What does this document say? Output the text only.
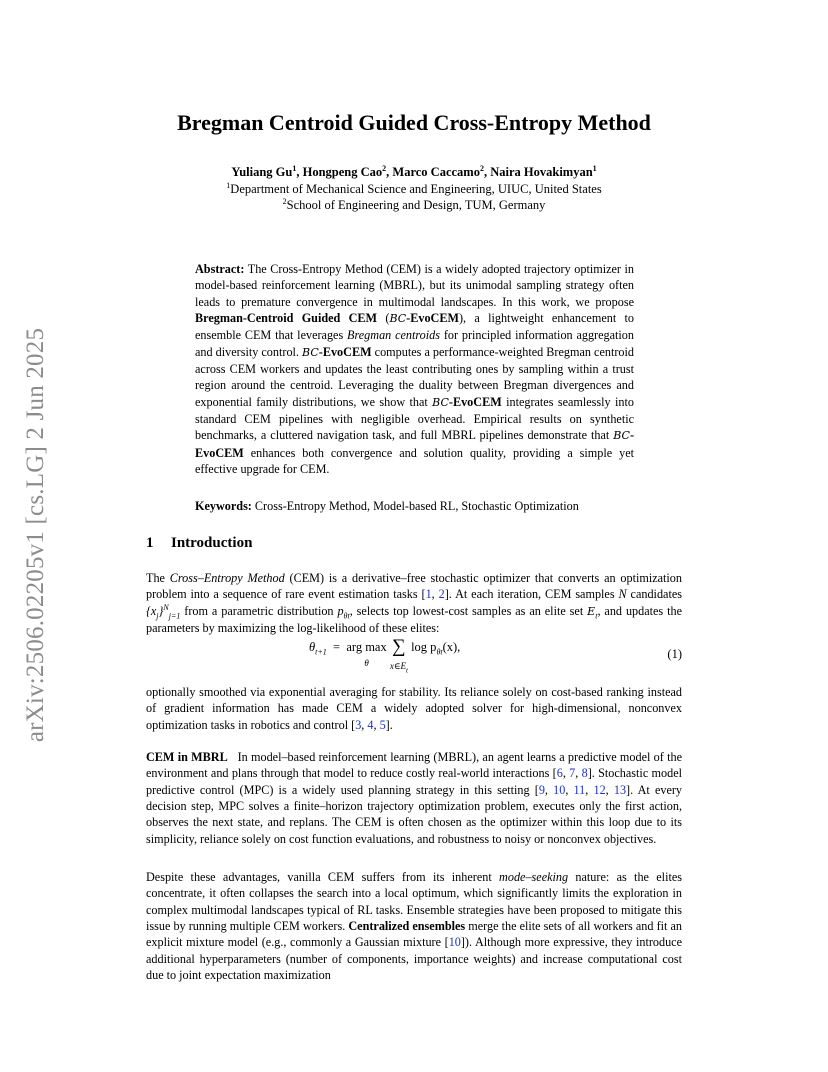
arXiv:2506.02205v1 [cs.LG] 2 Jun 2025
Bregman Centroid Guided Cross-Entropy Method
Yuliang Gu$^1$, Hongpeng Cao$^2$, Marco Caccamo$^2$, Naira Hovakimyan$^1$
$^1$Department of Mechanical Science and Engineering, UIUC, United States
$^2$School of Engineering and Design, TUM, Germany
Abstract: The Cross-Entropy Method (CEM) is a widely adopted trajectory optimizer in model-based reinforcement learning (MBRL), but its unimodal sampling strategy often leads to premature convergence in multimodal landscapes. In this work, we propose Bregman-Centroid Guided CEM (BC-EvoCEM), a lightweight enhancement to ensemble CEM that leverages Bregman centroids for principled information aggregation and diversity control. BC-EvoCEM computes a performance-weighted Bregman centroid across CEM workers and updates the least contributing ones by sampling within a trust region around the centroid. Leveraging the duality between Bregman divergences and exponential family distributions, we show that BC-EvoCEM integrates seamlessly into standard CEM pipelines with negligible overhead. Empirical results on synthetic benchmarks, a cluttered navigation task, and full MBRL pipelines demonstrate that BC-EvoCEM enhances both convergence and solution quality, providing a simple yet effective upgrade for CEM.
Keywords: Cross-Entropy Method, Model-based RL, Stochastic Optimization
1 Introduction
The Cross–Entropy Method (CEM) is a derivative–free stochastic optimizer that converts an optimization problem into a sequence of rare event estimation tasks [1, 2]. At each iteration, CEM samples N candidates $\{x_j\}^N_{j=1}$ from a parametric distribution $p_{\theta t}$, selects top lowest-cost samples as an elite set $E_t$, and updates the parameters by maximizing the log-likelihood of these elites:
$\theta_{t+1}$ = arg max
θ ∑
$x\in E_t$ $\log p_{\theta t}(x)$,	(1)
optionally smoothed via exponential averaging for stability. Its reliance solely on cost-based ranking instead of gradient information has made CEM a widely adopted solver for high-dimensional, nonconvex optimization tasks in robotics and control [3, 4, 5].
CEM in MBRL   In model–based reinforcement learning (MBRL), an agent learns a predictive model of the environment and plans through that model to reduce costly real-world interactions [6, 7, 8]. Stochastic model predictive control (MPC) is a widely used planning strategy in this setting [9, 10, 11, 12, 13]. At every decision step, MPC solves a finite–horizon trajectory optimization problem, executes only the first action, observes the next state, and replans. The CEM is often chosen as the optimizer within this loop due to its simplicity, reliance solely on cost function evaluations, and robustness to noisy or nonconvex objectives.
Despite these advantages, vanilla CEM suffers from its inherent mode–seeking nature: as the elites concentrate, it often collapses the search into a local optimum, which significantly limits the exploration in complex multimodal landscapes typical of RL tasks. Ensemble strategies have been proposed to mitigate this issue by running multiple CEM workers. Centralized ensembles merge the elite sets of all workers and fit an explicit mixture model (e.g., commonly a Gaussian mixture [10]). Although more expressive, they introduce additional hyperparameters (number of components, importance weights) and increase computational cost due to joint expectation maximization
